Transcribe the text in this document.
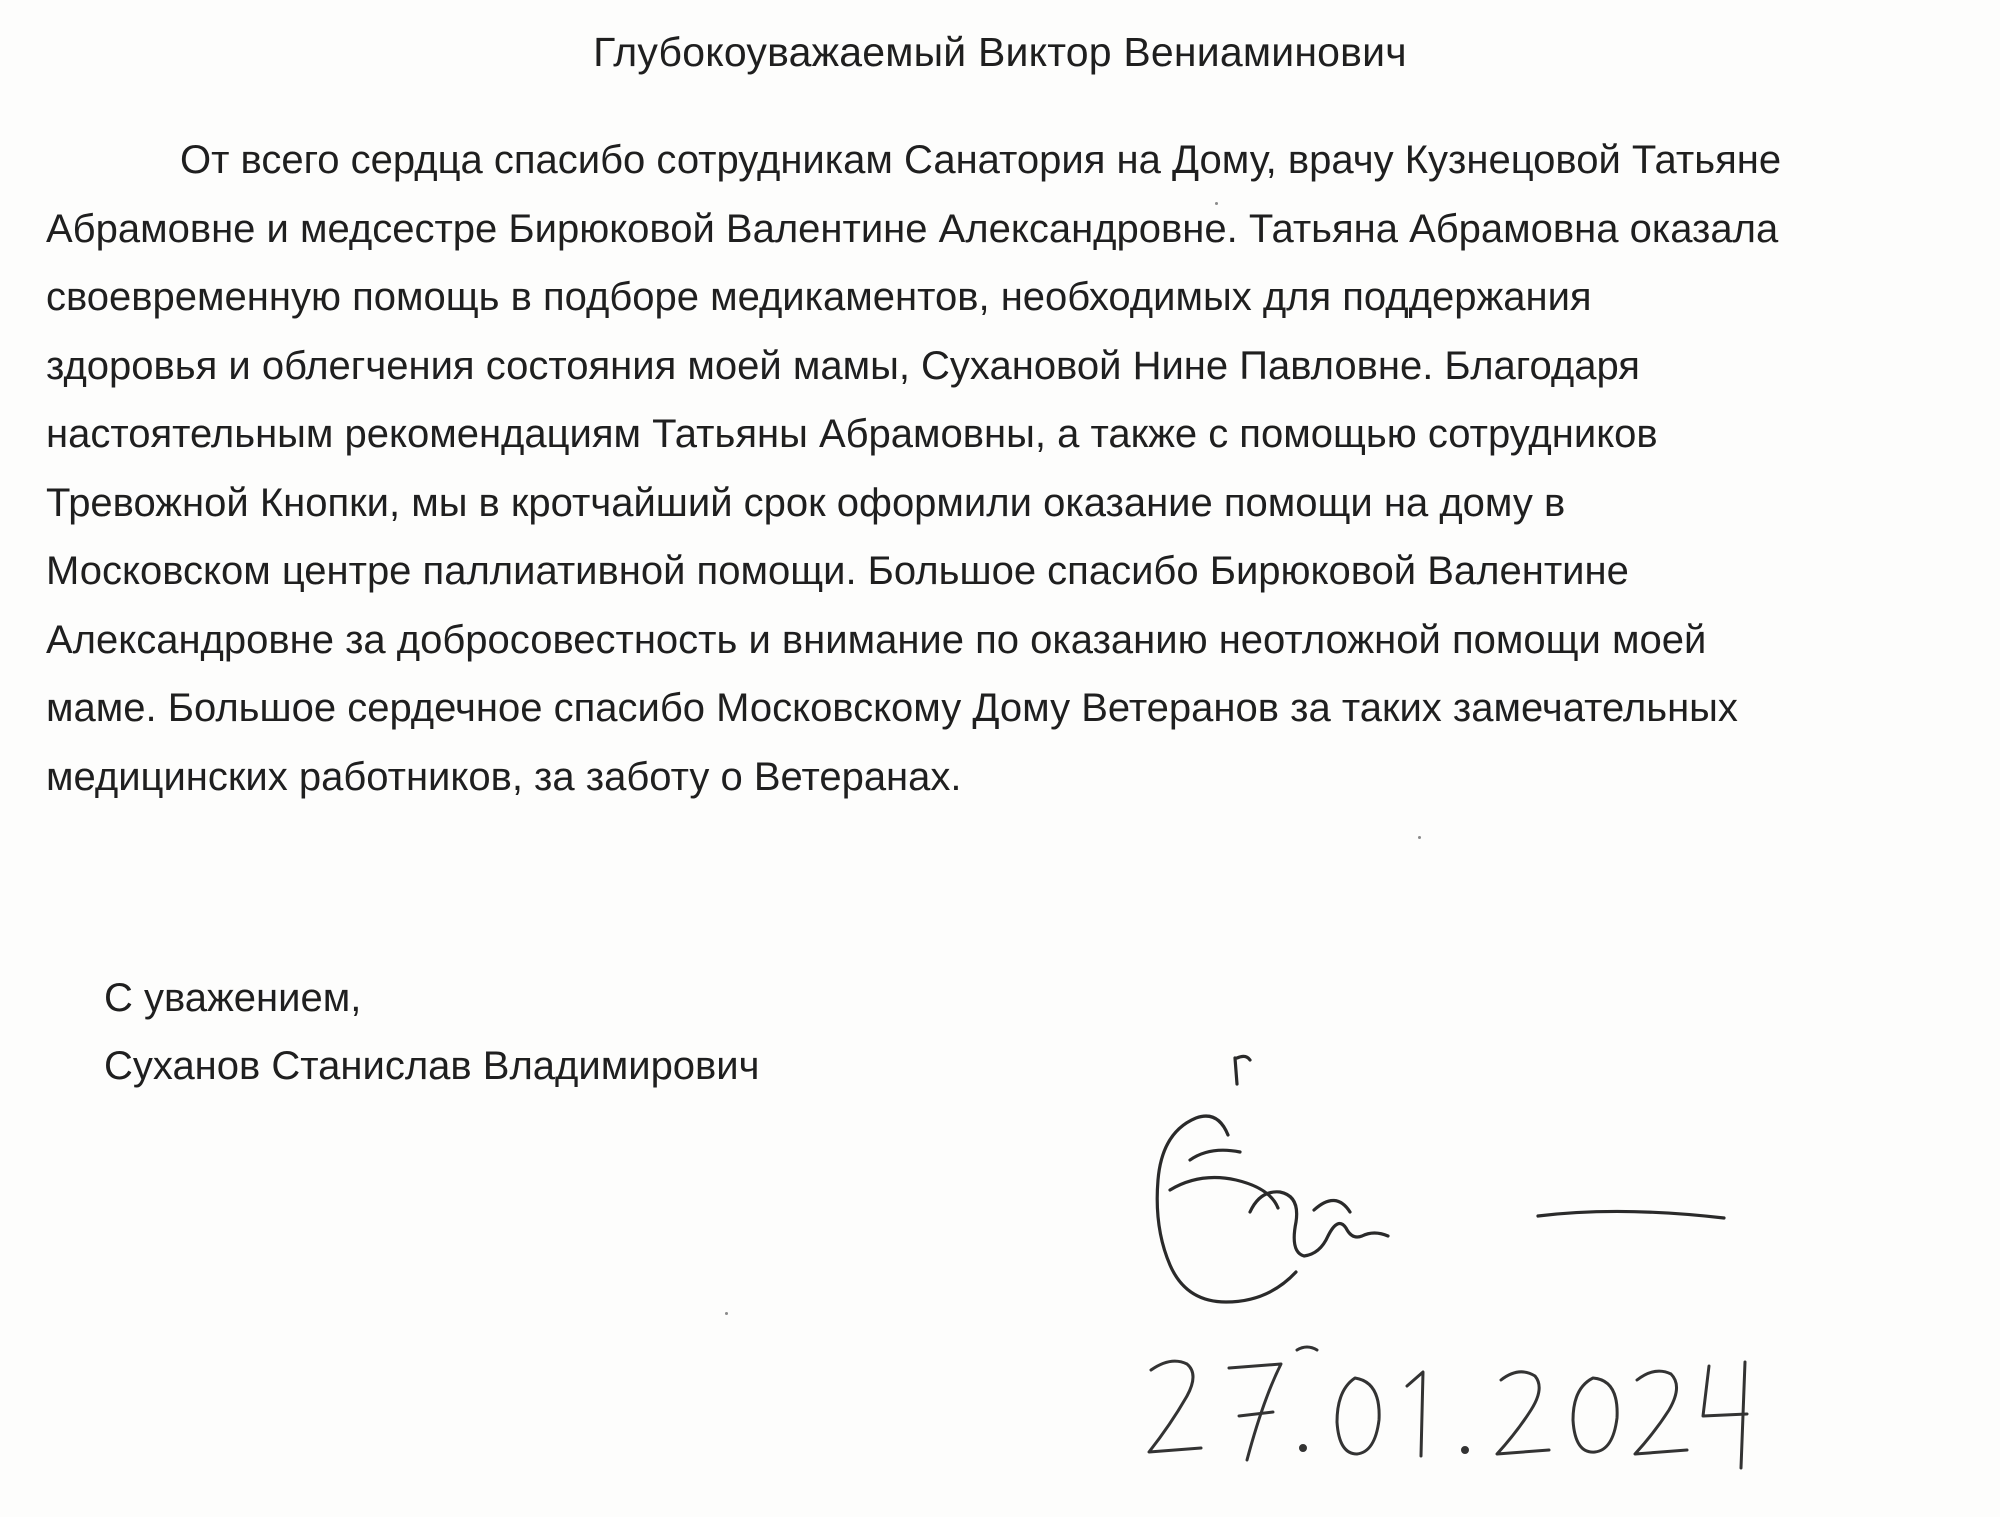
Глубокоуважаемый Виктор Вениаминович
От всего сердца спасибо сотрудникам Санатория на Дому, врачу Кузнецовой Татьяне
Абрамовне и медсестре Бирюковой Валентине Александровне. Татьяна Абрамовна оказала
своевременную помощь в подборе медикаментов, необходимых для поддержания
здоровья и облегчения состояния моей мамы, Сухановой Нине Павловне. Благодаря
настоятельным рекомендациям Татьяны Абрамовны, а также с помощью сотрудников
Тревожной Кнопки, мы в кротчайший срок оформили оказание помощи на дому в
Московском центре паллиативной помощи. Большое спасибо Бирюковой Валентине
Александровне за добросовестность и внимание по оказанию неотложной помощи моей
маме. Большое сердечное спасибо Московскому Дому Ветеранов за таких замечательных
медицинских работников, за заботу о Ветеранах.
С уважением,
Суханов Станислав Владимирович
